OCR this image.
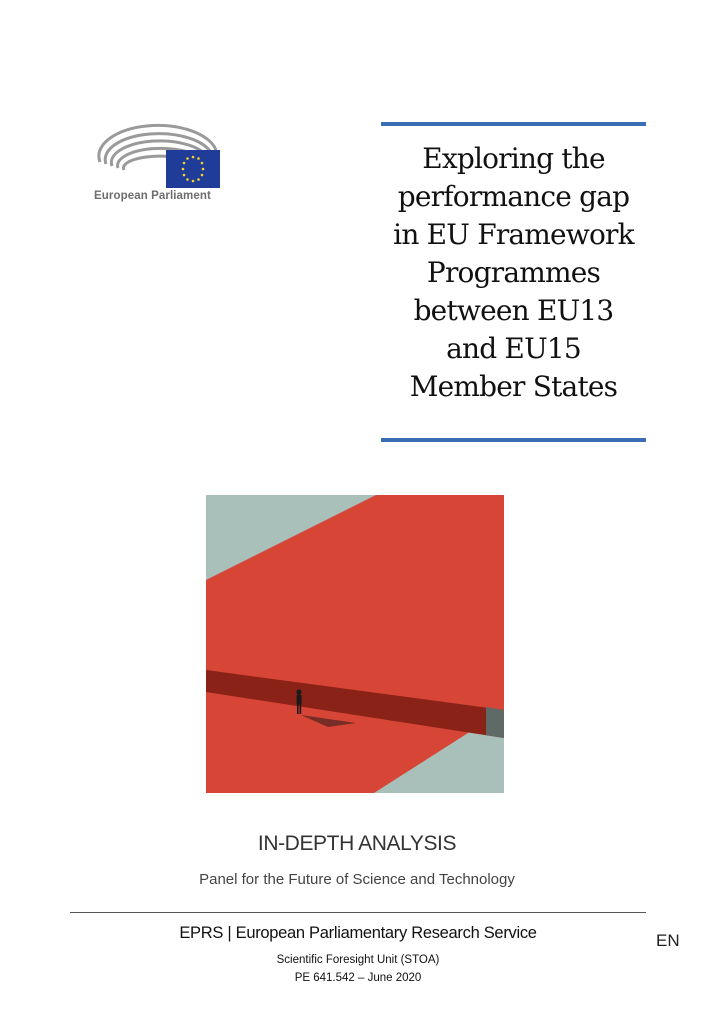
European Parliament
Exploring the
performance gap
in EU Framework
Programmes
between EU13
and EU15
Member States
IN-DEPTH ANALYSIS
Panel for the Future of Science and Technology
EPRS | European Parliamentary Research Service
Scientific Foresight Unit (STOA)
PE 641.542 – June 2020
EN
